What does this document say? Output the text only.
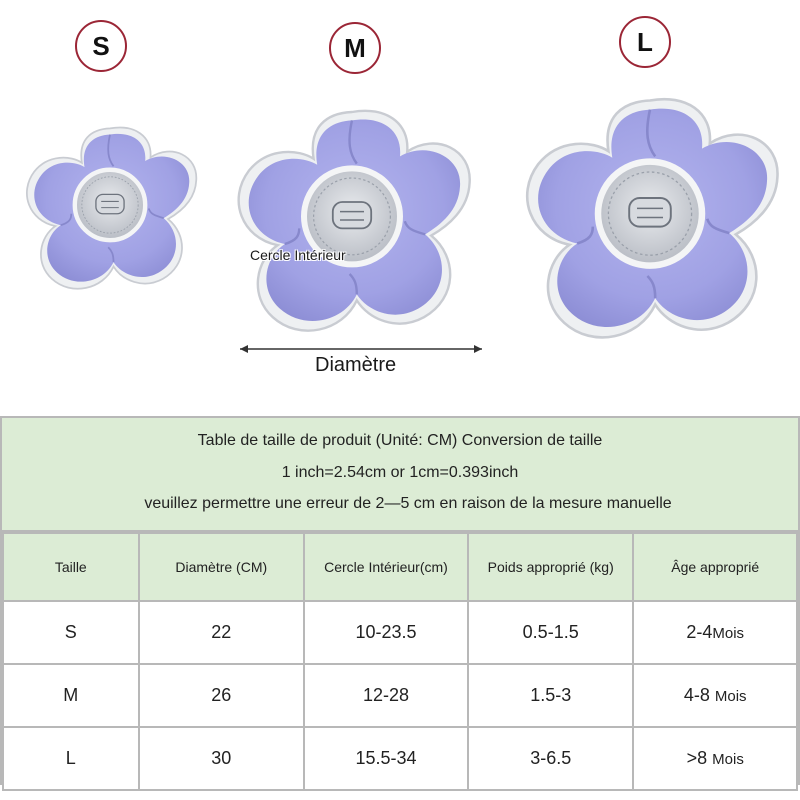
S	M	L
Cercle Intérieur
Diamètre
Table de taille de produit (Unité: CM) Conversion de taille
1 inch=2.54cm or 1cm=0.393inch
veuillez permettre une erreur de 2—5 cm en raison de la mesure manuelle
Taille	Diamètre (CM)	Cercle Intérieur(cm)	Poids approprié (kg)	Âge approprié
S	22	10-23.5	0.5-1.5	2-4Mois
M	26	12-28	1.5-3	4-8 Mois
L	30	15.5-34	3-6.5	>8 Mois
